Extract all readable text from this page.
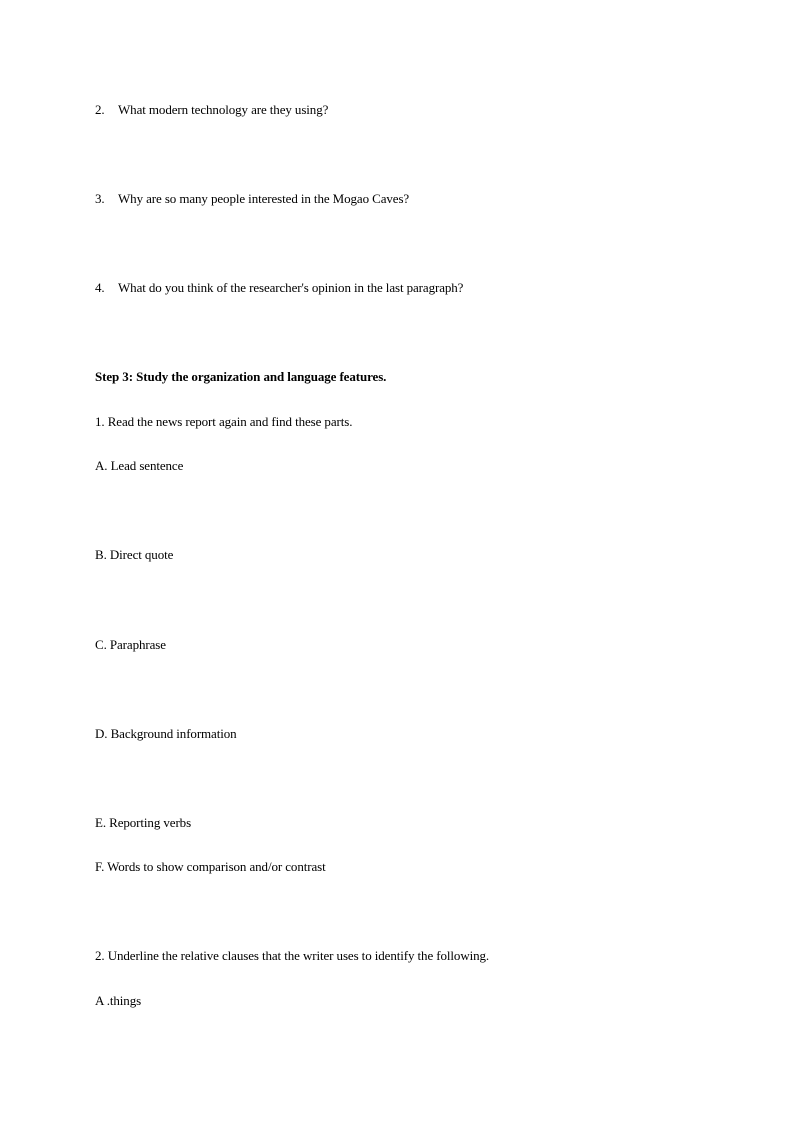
2. What modern technology are they using?
3. Why are so many people interested in the Mogao Caves?
4. What do you think of the researcher's opinion in the last paragraph?
Step 3: Study the organization and language features.
1. Read the news report again and find these parts.
A. Lead sentence
B. Direct quote
C. Paraphrase
D. Background information
E. Reporting verbs
F. Words to show comparison and/or contrast
2. Underline the relative clauses that the writer uses to identify the following.
A .things
